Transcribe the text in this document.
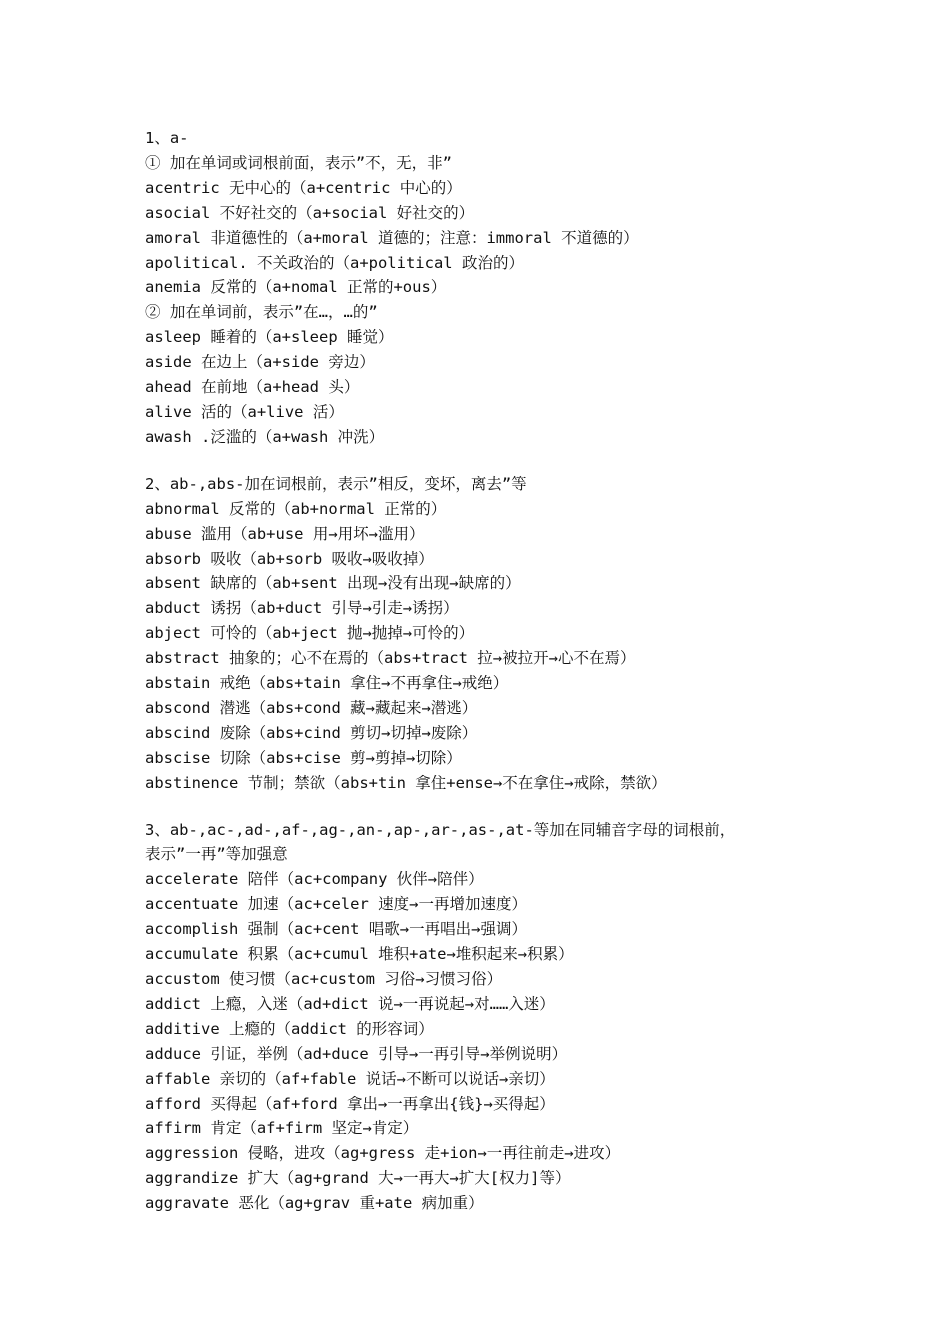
1、a-
① 加在单词或词根前面，表示”不，无，非”
acentric 无中心的（a+centric 中心的）
asocial 不好社交的（a+social 好社交的）
amoral 非道德性的（a+moral 道德的；注意：immoral 不道德的）
apolitical. 不关政治的（a+political 政治的）
anemia 反常的（a+nomal 正常的+ous）
② 加在单词前，表示”在…，…的”
asleep 睡着的（a+sleep 睡觉）
aside 在边上（a+side 旁边）
ahead 在前地（a+head 头）
alive 活的（a+live 活）
awash .泛滥的（a+wash 冲洗）
2、ab-,abs-加在词根前，表示”相反，变坏，离去”等
abnormal 反常的（ab+normal 正常的）
abuse 滥用（ab+use 用→用坏→滥用）
absorb 吸收（ab+sorb 吸收→吸收掉）
absent 缺席的（ab+sent 出现→没有出现→缺席的）
abduct 诱拐（ab+duct 引导→引走→诱拐）
abject 可怜的（ab+ject 抛→抛掉→可怜的）
abstract 抽象的；心不在焉的（abs+tract 拉→被拉开→心不在焉）
abstain 戒绝（abs+tain 拿住→不再拿住→戒绝）
abscond 潜逃（abs+cond 藏→藏起来→潜逃）
abscind 废除（abs+cind 剪切→切掉→废除）
abscise 切除（abs+cise 剪→剪掉→切除）
abstinence 节制；禁欲（abs+tin 拿住+ense→不在拿住→戒除，禁欲）
3、ab-,ac-,ad-,af-,ag-,an-,ap-,ar-,as-,at-等加在同辅音字母的词根前，
表示”一再”等加强意
accelerate 陪伴（ac+company 伙伴→陪伴）
accentuate 加速（ac+celer 速度→一再增加速度）
accomplish 强制（ac+cent 唱歌→一再唱出→强调）
accumulate 积累（ac+cumul 堆积+ate→堆积起来→积累）
accustom 使习惯（ac+custom 习俗→习惯习俗）
addict 上瘾，入迷（ad+dict 说→一再说起→对……入迷）
additive 上瘾的（addict 的形容词）
adduce 引证，举例（ad+duce 引导→一再引导→举例说明）
affable 亲切的（af+fable 说话→不断可以说话→亲切）
afford 买得起（af+ford 拿出→一再拿出{钱}→买得起）
affirm 肯定（af+firm 坚定→肯定）
aggression 侵略，进攻（ag+gress 走+ion→一再往前走→进攻）
aggrandize 扩大（ag+grand 大→一再大→扩大[权力]等）
aggravate 恶化（ag+grav 重+ate 病加重）
